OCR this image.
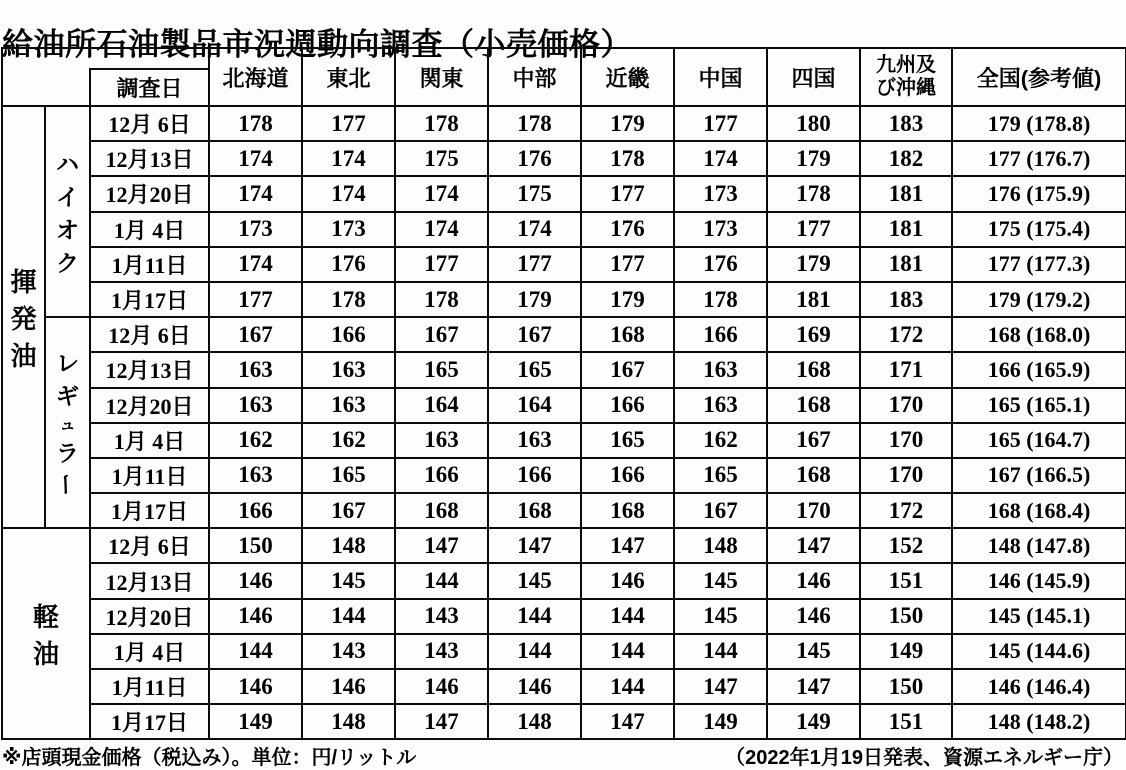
給油所石油製品市況週動向調査（小売価格）
調査日			北海道	東北	関東	中部	近畿	中国	四国	九州及び沖縄	全国(参考値)

揮
発
油	ハ
イ
オ
ク	12月 6日	178	177	178	178	179	177	180	183	179 (178.8)
		12月13日	174	174	175	176	178	174	179	182	177 (176.7)
		12月20日	174	174	174	175	177	173	178	181	176 (175.9)
		1月 4日	173	173	174	174	176	173	177	181	175 (175.4)
		1月11日	174	176	177	177	177	176	179	181	177 (177.3)
		1月17日	177	178	178	179	179	178	181	183	179 (179.2)

	レ
ギ
ュ
ラ
ー	12月 6日	167	166	167	167	168	166	169	172	168 (168.0)
		12月13日	163	163	165	165	167	163	168	171	166 (165.9)
		12月20日	163	163	164	164	166	163	168	170	165 (165.1)
		1月 4日	162	162	163	163	165	162	167	170	165 (164.7)
		1月11日	163	165	166	166	166	165	168	170	167 (166.5)
		1月17日	166	167	168	168	168	167	170	172	168 (168.4)

軽
油		12月 6日	150	148	147	147	147	148	147	152	148 (147.8)
		12月13日	146	145	144	145	146	145	146	151	146 (145.9)
		12月20日	146	144	143	144	144	145	146	150	145 (145.1)
		1月 4日	144	143	143	144	144	144	145	149	145 (144.6)
		1月11日	146	146	146	146	144	147	147	150	146 (146.4)
		1月17日	149	148	147	148	147	149	149	151	148 (148.2)
※店頭現金価格（税込み）。単位：円/リットル	（2022年1月19日発表、資源エネルギー庁）
